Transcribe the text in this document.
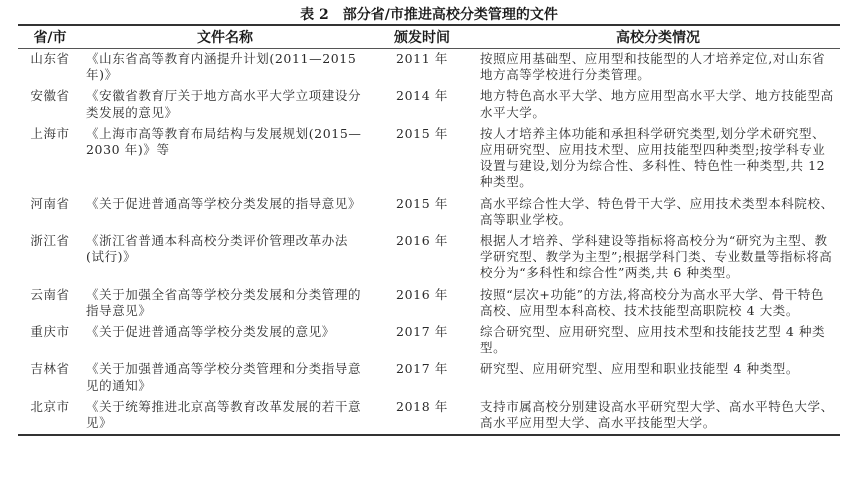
表 2 部分省/市推进高校分类管理的文件
省/市	文件名称	颁发时间	高校分类情况
山东省	《山东省高等教育内涵提升计划(2011—2015 年)》	2011 年	按照应用基础型、应用型和技能型的人才培养定位,对山东省地方高等学校进行分类管理。
安徽省	《安徽省教育厅关于地方高水平大学立项建设分类发展的意见》	2014 年	地方特色高水平大学、地方应用型高水平大学、地方技能型高水平大学。
上海市	《上海市高等教育布局结构与发展规划(2015—2030 年)》等	2015 年	按人才培养主体功能和承担科学研究类型,划分学术研究型、应用研究型、应用技术型、应用技能型四种类型;按学科专业设置与建设,划分为综合性、多科性、特色性一种类型,共 12 种类型。
河南省	《关于促进普通高等学校分类发展的指导意见》	2015 年	高水平综合性大学、特色骨干大学、应用技术类型本科院校、高等职业学校。
浙江省	《浙江省普通本科高校分类评价管理改革办法(试行)》	2016 年	根据人才培养、学科建设等指标将高校分为“研究为主型、教学研究型、教学为主型”;根据学科门类、专业数量等指标将高校分为“多科性和综合性”两类,共 6 种类型。
云南省	《关于加强全省高等学校分类发展和分类管理的指导意见》	2016 年	按照“层次+功能”的方法,将高校分为高水平大学、骨干特色高校、应用型本科高校、技术技能型高职院校 4 大类。
重庆市	《关于促进普通高等学校分类发展的意见》	2017 年	综合研究型、应用研究型、应用技术型和技能技艺型 4 种类型。
吉林省	《关于加强普通高等学校分类管理和分类指导意见的通知》	2017 年	研究型、应用研究型、应用型和职业技能型 4 种类型。
北京市	《关于统筹推进北京高等教育改革发展的若干意见》	2018 年	支持市属高校分别建设高水平研究型大学、高水平特色大学、高水平应用型大学、高水平技能型大学。
